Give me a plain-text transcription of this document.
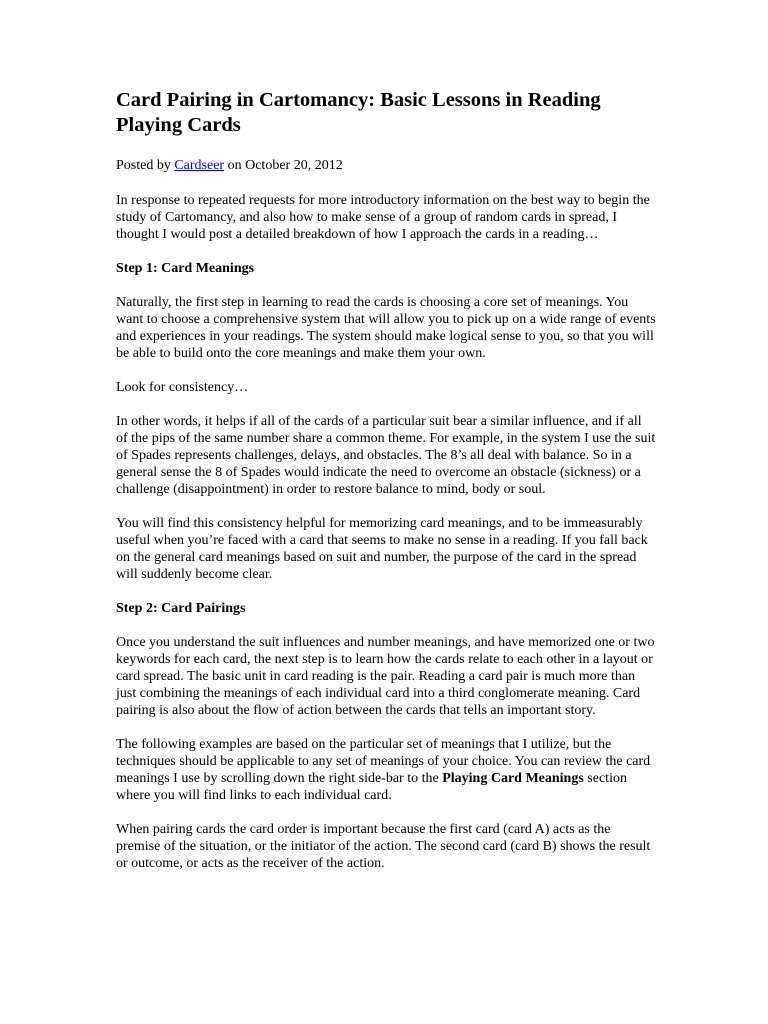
Card Pairing in Cartomancy: Basic Lessons in Reading Playing Cards

Posted by Cardseer on October 20, 2012

In response to repeated requests for more introductory information on the best way to begin the study of Cartomancy, and also how to make sense of a group of random cards in spread, I thought I would post a detailed breakdown of how I approach the cards in a reading…

Step 1: Card Meanings

Naturally, the first step in learning to read the cards is choosing a core set of meanings. You want to choose a comprehensive system that will allow you to pick up on a wide range of events and experiences in your readings. The system should make logical sense to you, so that you will be able to build onto the core meanings and make them your own.

Look for consistency…

In other words, it helps if all of the cards of a particular suit bear a similar influence, and if all of the pips of the same number share a common theme. For example, in the system I use the suit of Spades represents challenges, delays, and obstacles. The 8’s all deal with balance. So in a general sense the 8 of Spades would indicate the need to overcome an obstacle (sickness) or a challenge (disappointment) in order to restore balance to mind, body or soul.

You will find this consistency helpful for memorizing card meanings, and to be immeasurably useful when you’re faced with a card that seems to make no sense in a reading. If you fall back on the general card meanings based on suit and number, the purpose of the card in the spread will suddenly become clear.

Step 2: Card Pairings

Once you understand the suit influences and number meanings, and have memorized one or two keywords for each card, the next step is to learn how the cards relate to each other in a layout or card spread. The basic unit in card reading is the pair. Reading a card pair is much more than just combining the meanings of each individual card into a third conglomerate meaning. Card pairing is also about the flow of action between the cards that tells an important story.

The following examples are based on the particular set of meanings that I utilize, but the techniques should be applicable to any set of meanings of your choice. You can review the card meanings I use by scrolling down the right side-bar to the Playing Card Meanings section where you will find links to each individual card.

When pairing cards the card order is important because the first card (card A) acts as the premise of the situation, or the initiator of the action. The second card (card B) shows the result or outcome, or acts as the receiver of the action.
